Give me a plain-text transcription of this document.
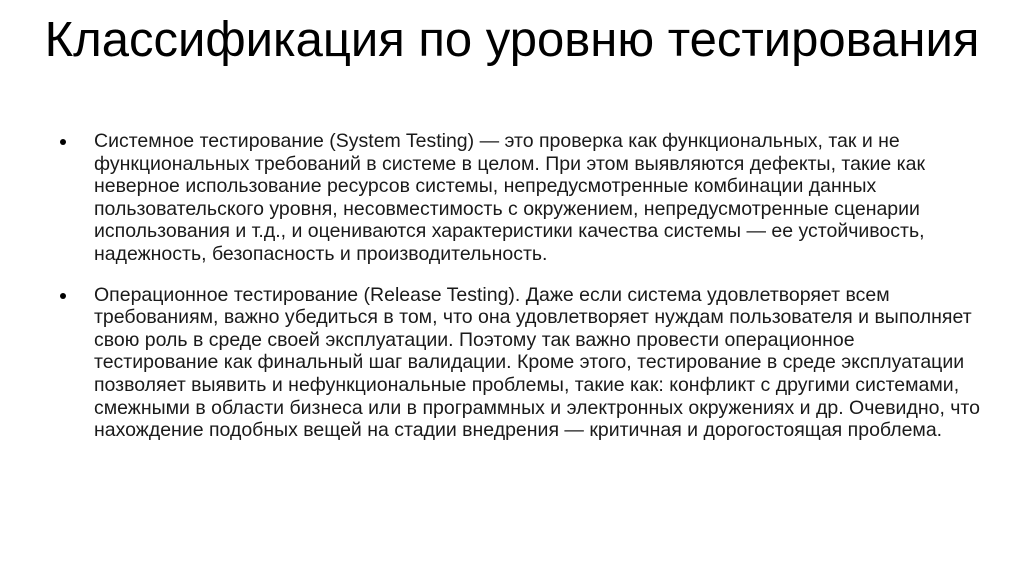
Классификация по уровню тестирования
Системное тестирование (System Testing) — это проверка как функциональных, так и не функциональных требований в системе в целом. При этом выявляются дефекты, такие как неверное использование ресурсов системы, непредусмотренные комбинации данных пользовательского уровня, несовместимость с окружением, непредусмотренные сценарии использования и т.д., и оцениваются характеристики качества системы — ее устойчивость, надежность, безопасность и производительность.
Операционное тестирование (Release Testing). Даже если система удовлетворяет всем требованиям, важно убедиться в том, что она удовлетворяет нуждам пользователя и выполняет свою роль в среде своей эксплуатации. Поэтому так важно провести операционное тестирование как финальный шаг валидации. Кроме этого, тестирование в среде эксплуатации позволяет выявить и нефункциональные проблемы, такие как: конфликт с другими системами, смежными в области бизнеса или в программных и электронных окружениях и др. Очевидно, что нахождение подобных вещей на стадии внедрения — критичная и дорогостоящая проблема.
